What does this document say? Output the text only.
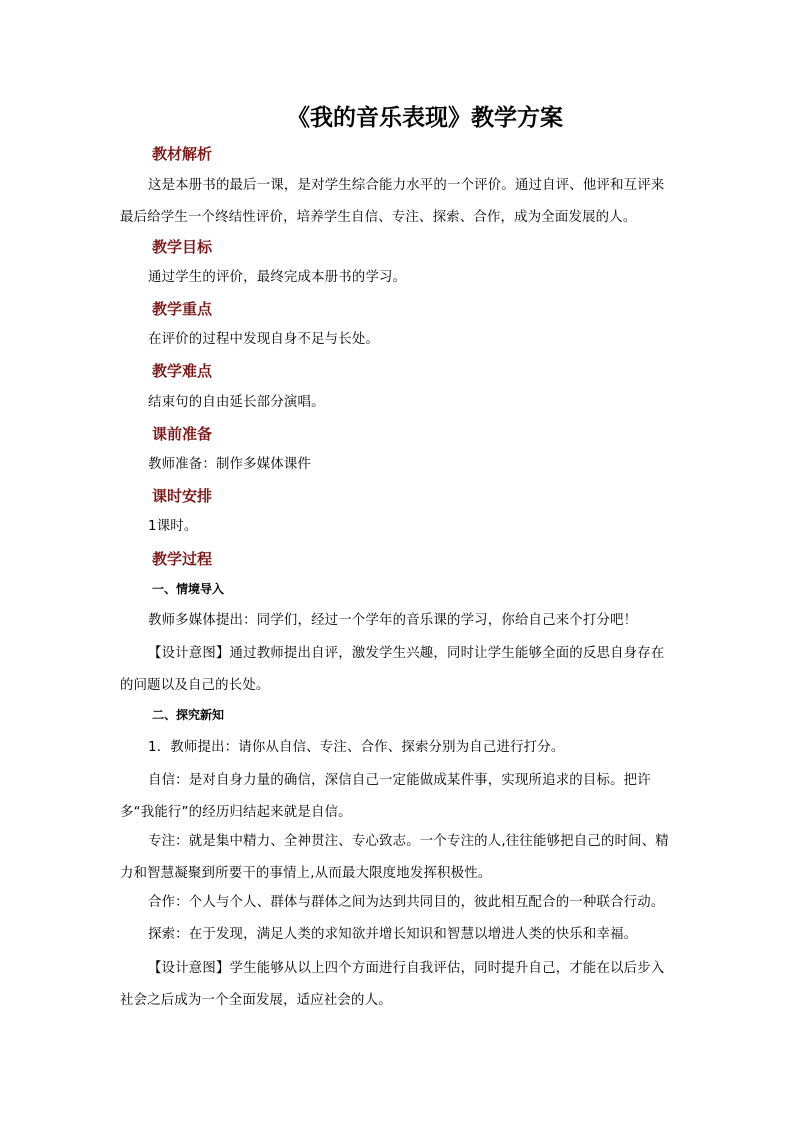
《我的音乐表现》教学方案
教材解析
这是本册书的最后一课，是对学生综合能力水平的一个评价。通过自评、他评和互评来最后给学生一个终结性评价，培养学生自信、专注、探索、合作，成为全面发展的人。
教学目标
通过学生的评价，最终完成本册书的学习。
教学重点
在评价的过程中发现自身不足与长处。
教学难点
结束句的自由延长部分演唱。
课前准备
教师准备：制作多媒体课件
课时安排
1课时。
教学过程
一、情境导入
教师多媒体提出：同学们，经过一个学年的音乐课的学习，你给自己来个打分吧！
【设计意图】通过教师提出自评，激发学生兴趣，同时让学生能够全面的反思自身存在的问题以及自己的长处。
二、探究新知
1．教师提出：请你从自信、专注、合作、探索分别为自己进行打分。
自信：是对自身力量的确信，深信自己一定能做成某件事，实现所追求的目标。把许多“我能行”的经历归结起来就是自信。
专注：就是集中精力、全神贯注、专心致志。一个专注的人,往往能够把自己的时间、精力和智慧凝聚到所要干的事情上,从而最大限度地发挥积极性。
合作：个人与个人、群体与群体之间为达到共同目的，彼此相互配合的一种联合行动。
探索：在于发现，满足人类的求知欲并增长知识和智慧以增进人类的快乐和幸福。
【设计意图】学生能够从以上四个方面进行自我评估，同时提升自己，才能在以后步入社会之后成为一个全面发展，适应社会的人。
